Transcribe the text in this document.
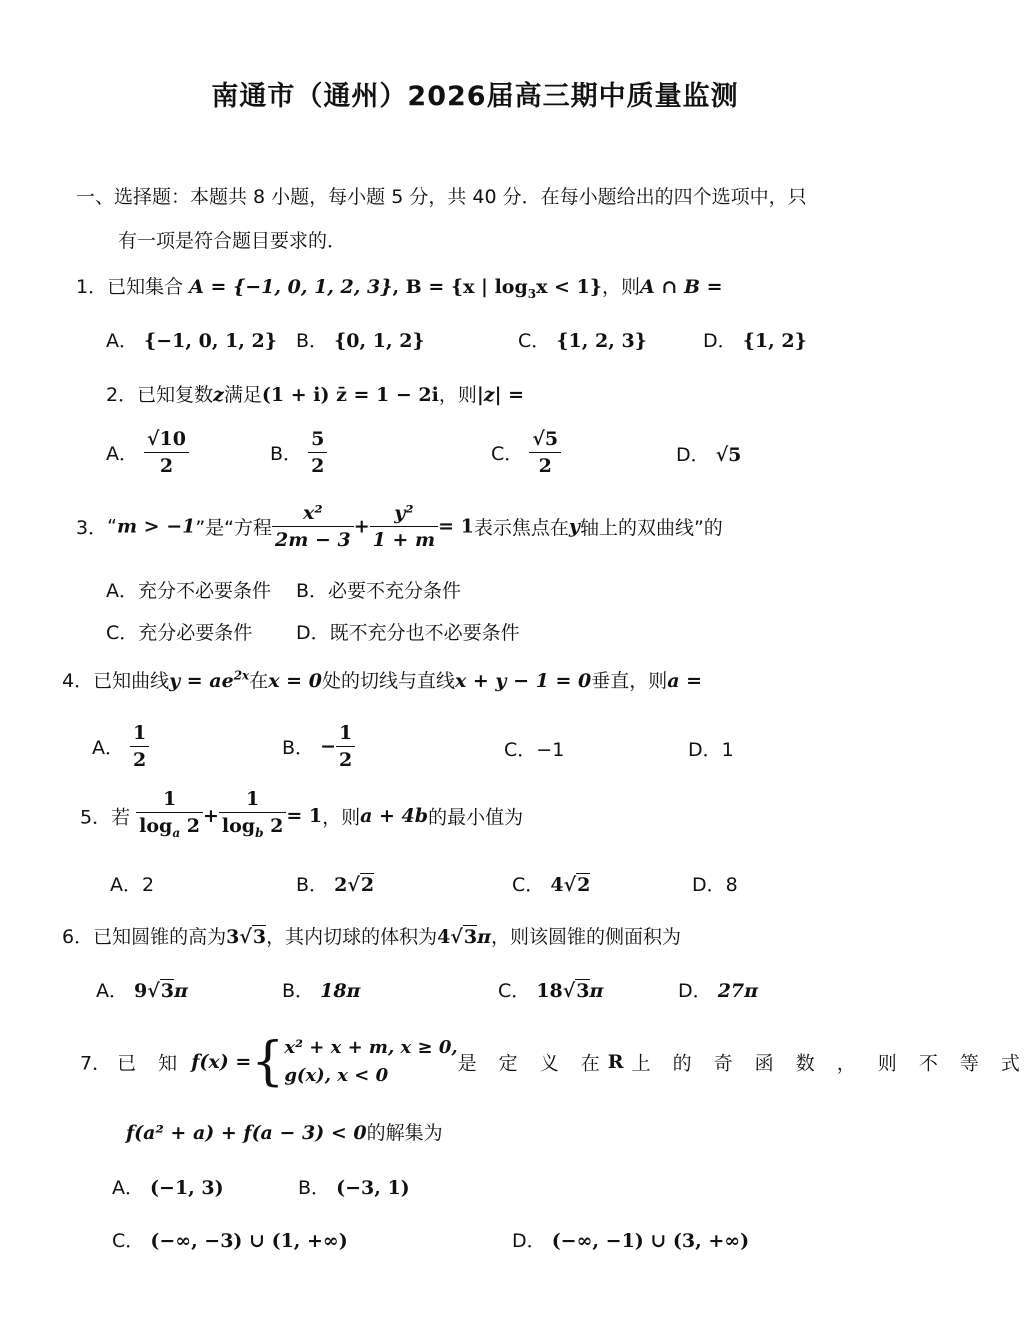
南通市（通州）2026届高三期中质量监测
一、选择题：本题共 8 小题，每小题 5 分，共 40 分．在每小题给出的四个选项中，只
有一项是符合题目要求的．
1．已知集合 A = {−1, 0, 1, 2, 3}, B = {x | $\log_3x < 1$}，则A ∩ B =
A． {−1, 0, 1, 2} B． {0, 1, 2}	C． {1, 2, 3}	D． {1, 2}
2．已知复数z满足(1 + i) z̄ = 1 − 2i，则|z| =
A． $\frac{√10}{2}$	B． $\frac{5}{2}$	C． $\frac{√5}{2}$	D． √5
3．“m > −1”是“方程 $\frac{\text{x²}}{2m - 3} + \frac{\text{y²}}{1 + m} = 1$表示焦点在y轴上的双曲线”的
A．充分不必要条件 B．必要不充分条件
C．充分必要条件 D．既不充分也不必要条件
4．已知曲线$y = ae^{2x}$在x = 0处的切线与直线x + y − 1 = 0垂直，则a =
A． $\frac{1}{2}$	B． − $\frac{1}{2}$	C．−1	D．1
5．若 $\frac{1}{\log_a 2} + \frac{1}{\log_b 2} = 1$，则a + 4b的最小值为
A．2	B． 2√2	C． 4√2	D．8
6．已知圆锥的高为3√3，其内切球的体积为4√3π，则该圆锥的侧面积为
A． 9√3π	B． 18π	C． 18√3π	D． 27π
7． 已 知 f(x) ={ x² + x + m, x ≥ 0,
g(x), x < 0
是 定 义 在R 上 的 奇 函 数 ， 则 不 等 式
f(a² + a) + f(a − 3) < 0的解集为
A． (−1, 3)	B． (−3, 1)
C． (−∞, −3) ∪ (1, +∞)	D． (−∞, −1) ∪ (3, +∞)
